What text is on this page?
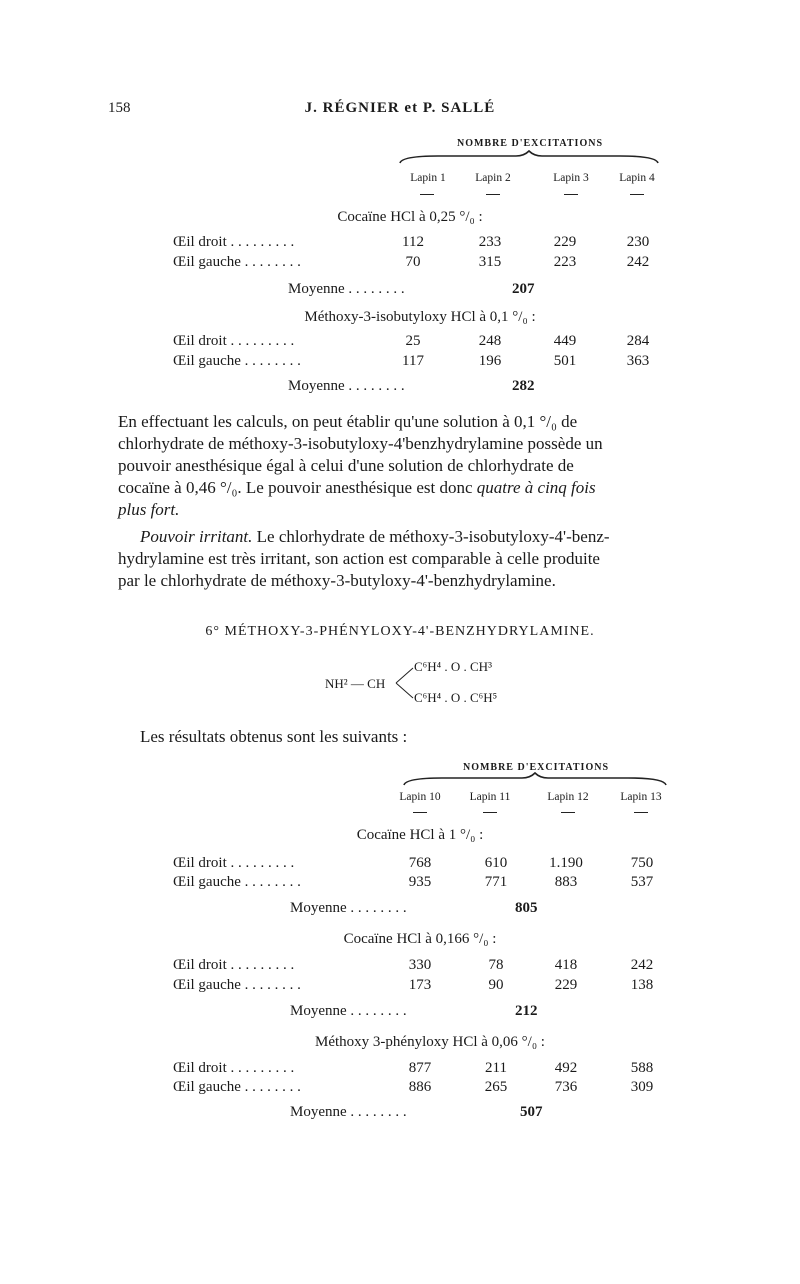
158	J. RÉGNIER et P. SALLÉ
NOMBRE D'EXCITATIONS
Lapin 1	Lapin 2	Lapin 3	Lapin 4
Cocaïne HCl à 0,25 °/₀ :
Œil droit . . . . . . . . .	112	233	229	230
Œil gauche . . . . . . . .	70	315	223	242
Moyenne . . . . . . . .	207
Méthoxy-3-isobutyloxy HCl à 0,1 °/₀ :
Œil droit . . . . . . . . .	25	248	449	284
Œil gauche . . . . . . . .	117	196	501	363
Moyenne . . . . . . . .	282
En effectuant les calculs, on peut établir qu'une solution à 0,1 °/₀ de
chlorhydrate de méthoxy-3-isobutyloxy-4'benzhydrylamine possède un
pouvoir anesthésique égal à celui d'une solution de chlorhydrate de
cocaïne à 0,46 °/₀. Le pouvoir anesthésique est donc quatre à cinq fois
plus fort.
Pouvoir irritant. Le chlorhydrate de méthoxy-3-isobutyloxy-4'-benz-
hydrylamine est très irritant, son action est comparable à celle produite
par le chlorhydrate de méthoxy-3-butyloxy-4'-benzhydrylamine.
6° MÉTHOXY-3-PHÉNYLOXY-4'-BENZHYDRYLAMINE.
NH² — CH
C⁶H⁴ . O . CH³
C⁶H⁴ . O . C⁶H⁵
Les résultats obtenus sont les suivants :
NOMBRE D'EXCITATIONS
Lapin 10	Lapin 11	Lapin 12	Lapin 13
Cocaïne HCl à 1 °/₀ :
Œil droit . . . . . . . . .	768	610	1.190	750
Œil gauche . . . . . . . .	935	771	883	537
Moyenne . . . . . . . .	805
Cocaïne HCl à 0,166 °/₀ :
Œil droit . . . . . . . . .	330	78	418	242
Œil gauche . . . . . . . .	173	90	229	138
Moyenne . . . . . . . .	212
Méthoxy 3-phényloxy HCl à 0,06 °/₀ :
Œil droit . . . . . . . . .	877	211	492	588
Œil gauche . . . . . . . .	886	265	736	309
Moyenne . . . . . . . .	507
